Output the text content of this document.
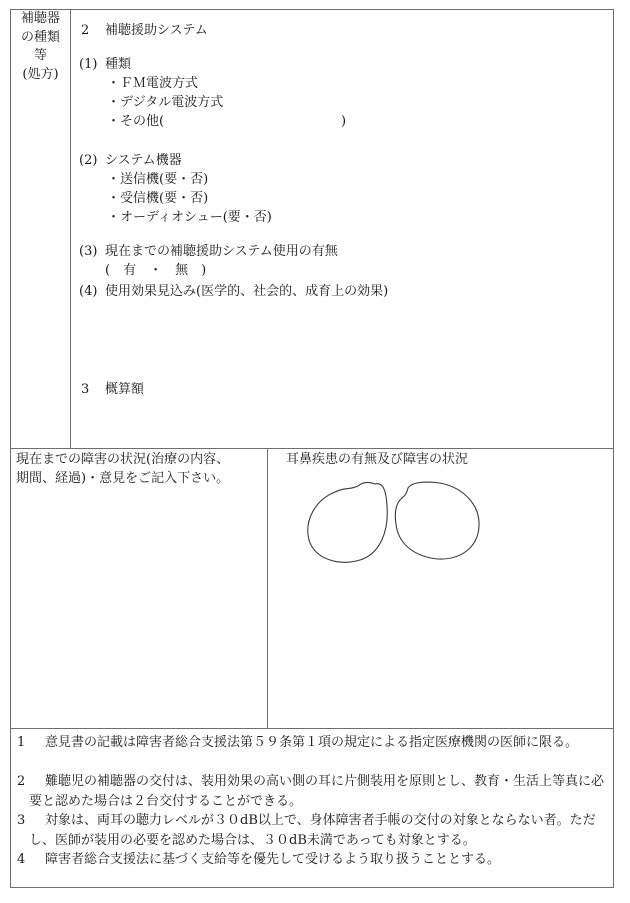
補聴器
の種類
等
(処方)
2 補聴援助システム
(1) 種類
・ＦＭ電波方式
・デジタル電波方式
・その他(	)
(2) システム機器
・送信機(要・否)
・受信機(要・否)
・オーディオシュー(要・否)
(3) 現在までの補聴援助システム使用の有無
(　有　・　無　)
(4) 使用効果見込み(医学的、社会的、成育上の効果)
3 概算額
現在までの障害の状況(治療の内容、
期間、経過)・意見をご記入下さい。
耳鼻疾患の有無及び障害の状況

1 意見書の記載は障害者総合支援法第５９条第１項の規定による指定医療機関の医師に限る。

2 難聴児の補聴器の交付は、装用効果の高い側の耳に片側装用を原則とし、教育・生活上等真に必要と認めた場合は２台交付することができる。

3 対象は、両耳の聴力レベルが３０dB以上で、身体障害者手帳の交付の対象とならない者。ただし、医師が装用の必要を認めた場合は、３０dB未満であっても対象とする。

4 障害者総合支援法に基づく支給等を優先して受けるよう取り扱うこととする。
